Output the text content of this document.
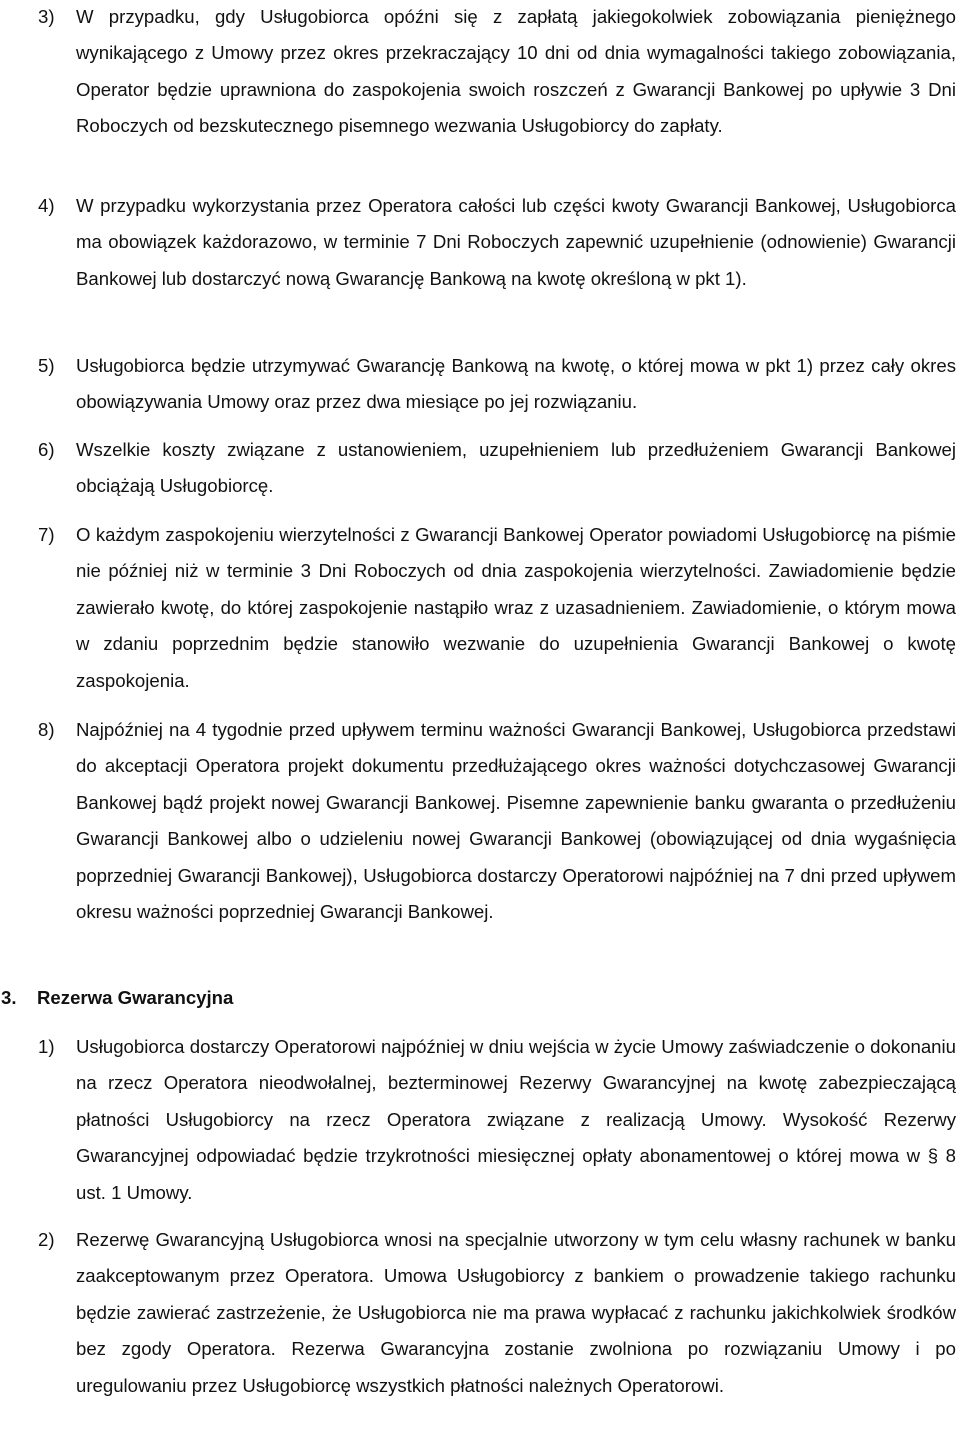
3)	W przypadku, gdy Usługobiorca opóźni się z zapłatą jakiegokolwiek zobowiązania pieniężnego wynikającego z Umowy przez okres przekraczający 10 dni od dnia wymagalności takiego zobowiązania, Operator będzie uprawniona do zaspokojenia swoich roszczeń z Gwarancji Bankowej po upływie 3 Dni Roboczych od bezskutecznego pisemnego wezwania Usługobiorcy do zapłaty.
4)	W przypadku wykorzystania przez Operatora całości lub części kwoty Gwarancji Bankowej, Usługobiorca ma obowiązek każdorazowo, w terminie 7 Dni Roboczych zapewnić uzupełnienie (odnowienie) Gwarancji Bankowej lub dostarczyć nową Gwarancję Bankową na kwotę określoną w pkt 1).
5)	Usługobiorca będzie utrzymywać Gwarancję Bankową na kwotę, o której mowa w pkt 1) przez cały okres obowiązywania Umowy oraz przez dwa miesiące po jej rozwiązaniu.
6)	Wszelkie koszty związane z ustanowieniem, uzupełnieniem lub przedłużeniem Gwarancji Bankowej obciążają Usługobiorcę.
7)	O każdym zaspokojeniu wierzytelności z Gwarancji Bankowej Operator powiadomi Usługobiorcę na piśmie nie później niż w terminie 3 Dni Roboczych od dnia zaspokojenia wierzytelności. Zawiadomienie będzie zawierało kwotę, do której zaspokojenie nastąpiło wraz z uzasadnieniem. Zawiadomienie, o którym mowa w zdaniu poprzednim będzie stanowiło wezwanie do uzupełnienia Gwarancji Bankowej o kwotę zaspokojenia.
8)	Najpóźniej na 4 tygodnie przed upływem terminu ważności Gwarancji Bankowej, Usługobiorca przedstawi do akceptacji Operatora projekt dokumentu przedłużającego okres ważności dotychczasowej Gwarancji Bankowej bądź projekt nowej Gwarancji Bankowej. Pisemne zapewnienie banku gwaranta o przedłużeniu Gwarancji Bankowej albo o udzieleniu nowej Gwarancji Bankowej (obowiązującej od dnia wygaśnięcia poprzedniej Gwarancji Bankowej), Usługobiorca dostarczy Operatorowi najpóźniej na 7 dni przed upływem okresu ważności poprzedniej Gwarancji Bankowej.
3. Rezerwa Gwarancyjna
1)	Usługobiorca dostarczy Operatorowi najpóźniej w dniu wejścia w życie Umowy zaświadczenie o dokonaniu na rzecz Operatora nieodwołalnej, bezterminowej Rezerwy Gwarancyjnej na kwotę zabezpieczającą płatności Usługobiorcy na rzecz Operatora związane z realizacją Umowy. Wysokość Rezerwy Gwarancyjnej odpowiadać będzie trzykrotności miesięcznej opłaty abonamentowej o której mowa w § 8 ust. 1 Umowy.
2)	Rezerwę Gwarancyjną Usługobiorca wnosi na specjalnie utworzony w tym celu własny rachunek w banku zaakceptowanym przez Operatora. Umowa Usługobiorcy z bankiem o prowadzenie takiego rachunku będzie zawierać zastrzeżenie, że Usługobiorca nie ma prawa wypłacać z rachunku jakichkolwiek środków bez zgody Operatora. Rezerwa Gwarancyjna zostanie zwolniona po rozwiązaniu Umowy i po uregulowaniu przez Usługobiorcę wszystkich płatności należnych Operatorowi.
